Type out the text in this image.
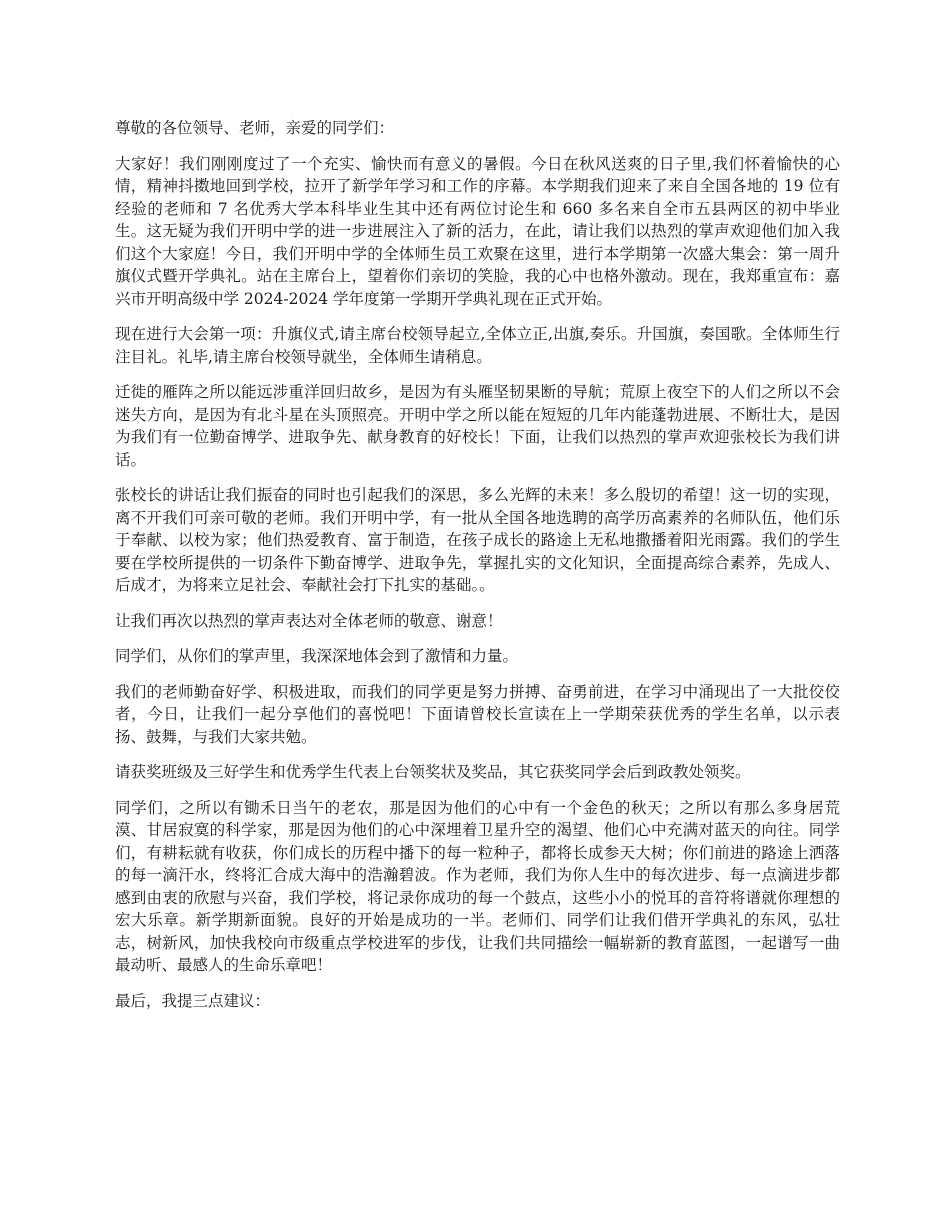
尊敬的各位领导、老师，亲爱的同学们：

大家好！我们刚刚度过了一个充实、愉快而有意义的暑假。今日在秋风送爽的日子里,我们怀着愉快的心情，精神抖擞地回到学校，拉开了新学年学习和工作的序幕。本学期我们迎来了来自全国各地的 19 位有经验的老师和 7 名优秀大学本科毕业生其中还有两位讨论生和 660 多名来自全市五县两区的初中毕业生。这无疑为我们开明中学的进一步进展注入了新的活力，在此，请让我们以热烈的掌声欢迎他们加入我们这个大家庭！今日，我们开明中学的全体师生员工欢聚在这里，进行本学期第一次盛大集会：第一周升旗仪式暨开学典礼。站在主席台上，望着你们亲切的笑脸，我的心中也格外激动。现在，我郑重宣布：嘉兴市开明高级中学 2024-2024 学年度第一学期开学典礼现在正式开始。

现在进行大会第一项：升旗仪式,请主席台校领导起立,全体立正,出旗,奏乐。升国旗，奏国歌。全体师生行注目礼。礼毕,请主席台校领导就坐，全体师生请稍息。

迁徙的雁阵之所以能远涉重洋回归故乡，是因为有头雁坚韧果断的导航；荒原上夜空下的人们之所以不会迷失方向，是因为有北斗星在头顶照亮。开明中学之所以能在短短的几年内能蓬勃进展、不断壮大，是因为我们有一位勤奋博学、进取争先、献身教育的好校长！下面，让我们以热烈的掌声欢迎张校长为我们讲话。

张校长的讲话让我们振奋的同时也引起我们的深思，多么光辉的未来！多么殷切的希望！这一切的实现，离不开我们可亲可敬的老师。我们开明中学，有一批从全国各地选聘的高学历高素养的名师队伍，他们乐于奉献、以校为家；他们热爱教育、富于制造，在孩子成长的路途上无私地撒播着阳光雨露。我们的学生要在学校所提供的一切条件下勤奋博学、进取争先，掌握扎实的文化知识，全面提高综合素养，先成人、后成才，为将来立足社会、奉献社会打下扎实的基础。。

让我们再次以热烈的掌声表达对全体老师的敬意、谢意！

同学们，从你们的掌声里，我深深地体会到了激情和力量。

我们的老师勤奋好学、积极进取，而我们的同学更是努力拼搏、奋勇前进，在学习中涌现出了一大批佼佼者，今日，让我们一起分享他们的喜悦吧！下面请曾校长宣读在上一学期荣获优秀的学生名单，以示表扬、鼓舞，与我们大家共勉。

请获奖班级及三好学生和优秀学生代表上台领奖状及奖品，其它获奖同学会后到政教处领奖。

同学们，之所以有锄禾日当午的老农，那是因为他们的心中有一个金色的秋天；之所以有那么多身居荒漠、甘居寂寞的科学家，那是因为他们的心中深埋着卫星升空的渴望、他们心中充满对蓝天的向往。同学们，有耕耘就有收获，你们成长的历程中播下的每一粒种子，都将长成参天大树；你们前进的路途上洒落的每一滴汗水，终将汇合成大海中的浩瀚碧波。作为老师，我们为你人生中的每次进步、每一点滴进步都感到由衷的欣慰与兴奋，我们学校，将记录你成功的每一个鼓点，这些小小的悦耳的音符将谱就你理想的宏大乐章。新学期新面貌。良好的开始是成功的一半。老师们、同学们让我们借开学典礼的东风，弘壮志，树新风，加快我校向市级重点学校进军的步伐，让我们共同描绘一幅崭新的教育蓝图，一起谱写一曲最动听、最感人的生命乐章吧！

最后，我提三点建议：
